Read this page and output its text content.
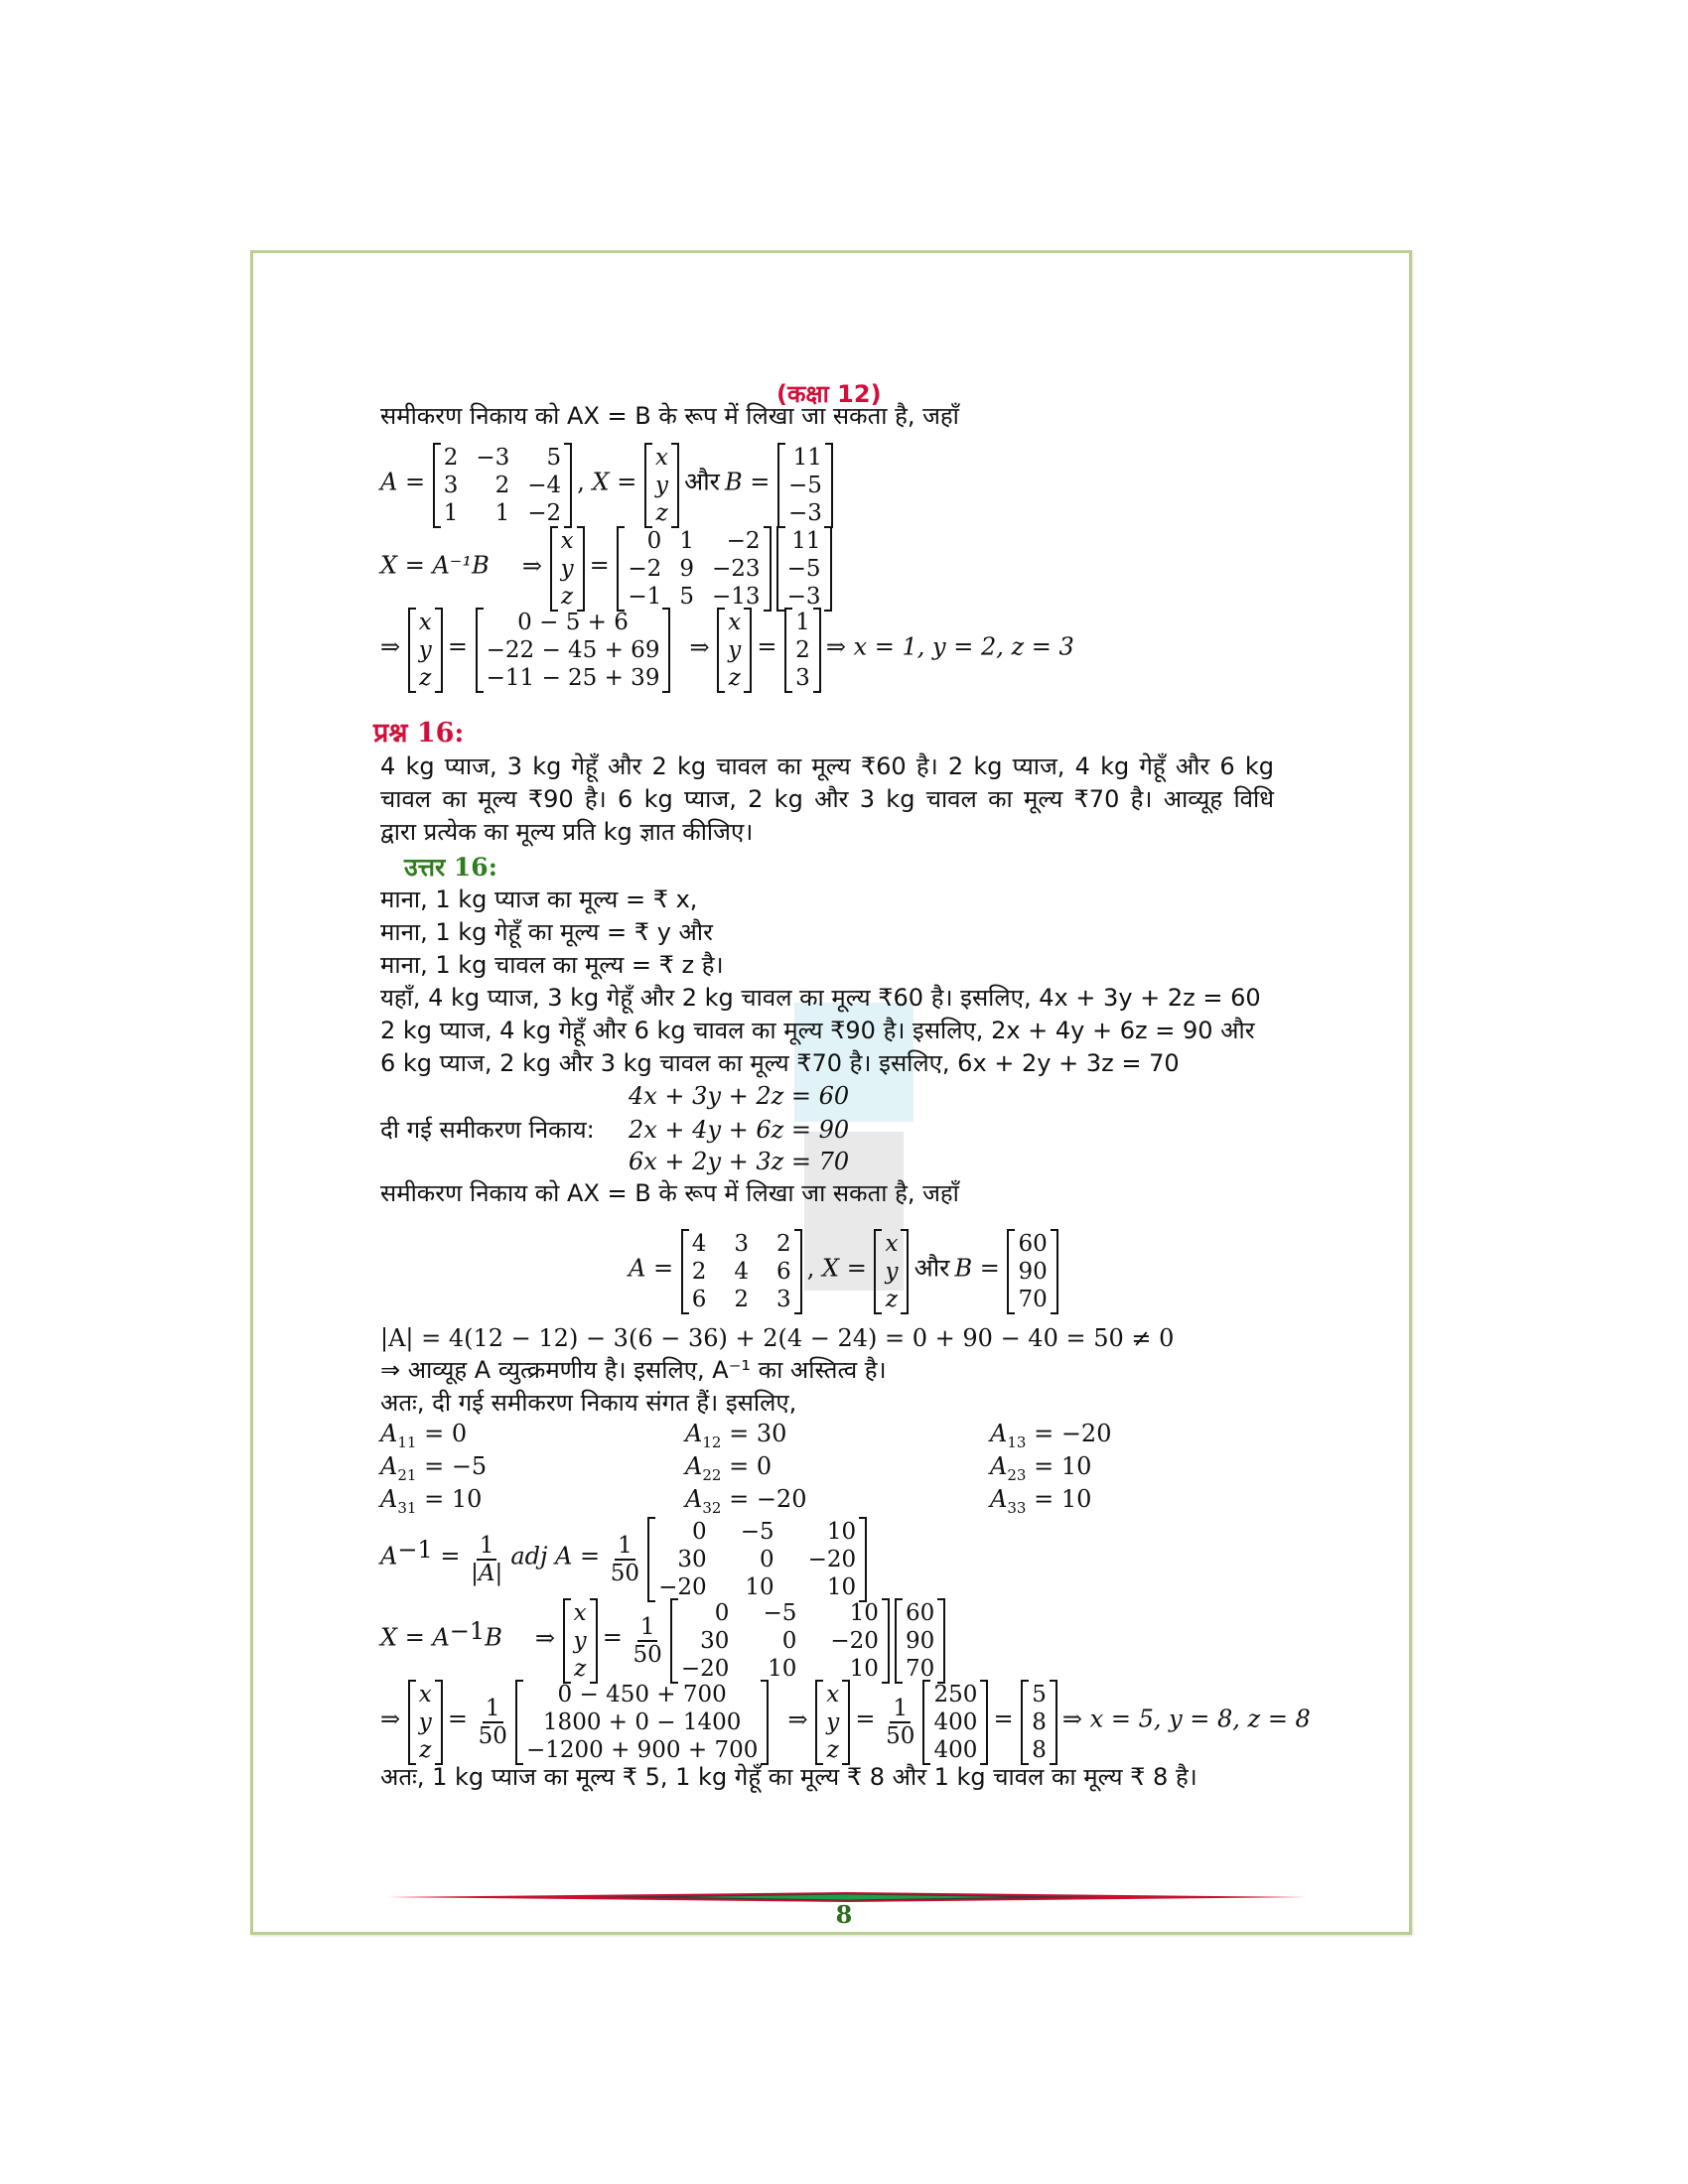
(कक्षा 12)
समीकरण निकाय को AX = B के रूप में लिखा जा सकता है, जहाँ
A =
2 −3	5
3	2 −4
1	1 −2
, X =
x
y
z
और B =
11
−5
−3
X = A⁻¹B ⇒
x
y
z
=
0 1	−2
−2 9 −23
−1 5 −13

11
−5
−3
⇒
x
y
z
=
0 − 5 + 6
−22 − 45 + 69
−11 − 25 + 39
⇒
x
y
z
=
1
2
3
⇒ x = 1, y = 2, z = 3
प्रश्न 16:
4 kg प्याज, 3 kg गेहूँ और 2 kg चावल का मूल्य ₹60 है। 2 kg प्याज, 4 kg गेहूँ और 6 kg
चावल का मूल्य ₹90 है। 6 kg प्याज, 2 kg और 3 kg चावल का मूल्य ₹70 है। आव्यूह विधि
द्वारा प्रत्येक का मूल्य प्रति kg ज्ञात कीजिए।
उत्तर 16:
माना, 1 kg प्याज का मूल्य = ₹ x,
माना, 1 kg गेहूँ का मूल्य = ₹ y और
माना, 1 kg चावल का मूल्य = ₹ z है।
यहाँ, 4 kg प्याज, 3 kg गेहूँ और 2 kg चावल का मूल्य ₹60 है। इसलिए, 4x + 3y + 2z = 60
2 kg प्याज, 4 kg गेहूँ और 6 kg चावल का मूल्य ₹90 है। इसलिए, 2x + 4y + 6z = 90 और
6 kg प्याज, 2 kg और 3 kg चावल का मूल्य ₹70 है। इसलिए, 6x + 2y + 3z = 70
4x + 3y + 2z = 60
दी गई समीकरण निकाय: 2x + 4y + 6z = 90
6x + 2y + 3z = 70
समीकरण निकाय को AX = B के रूप में लिखा जा सकता है, जहाँ
A =
4 3 2
2 4 6
6 2 3
, X =
x
y
z
और B =
60
90
70
|A| = 4(12 − 12) − 3(6 − 36) + 2(4 − 24) = 0 + 90 − 40 = 50 ≠ 0
⇒ आव्यूह A व्युत्क्रमणीय है। इसलिए, A⁻¹ का अस्तित्व है।
अतः, दी गई समीकरण निकाय संगत हैं। इसलिए,
$A_{11} = 0$	$A_{12} = 30$	$A_{13} = -20$
$A_{21} = -5$	$A_{22} = 0$	$A_{23} = 10$
$A_{31} = 10$	$A_{32} = -20$	$A_{33} = 10$
$A^{-1} = \frac{1}{|A|}$ adj $A = \frac{1}{50}$

0 −5	10
30	0 −20
−20 10	10
$X = A^{-1}B$ ⇒
x
y
z
= $\frac{1}{50}$

0 −5	10
30	0 −20
−20 10	10

60
90
70
⇒
x
y
z
= $\frac{1}{50}$

0 − 450 + 700
1800 + 0 − 1400
−1200 + 900 + 700
⇒
x
y
z
= $\frac{1}{50}$

250
400
400
=
5
8
8
⇒ x = 5, y = 8, z = 8
अतः, 1 kg प्याज का मूल्य ₹ 5, 1 kg गेहूँ का मूल्य ₹ 8 और 1 kg चावल का मूल्य ₹ 8 है।
8
